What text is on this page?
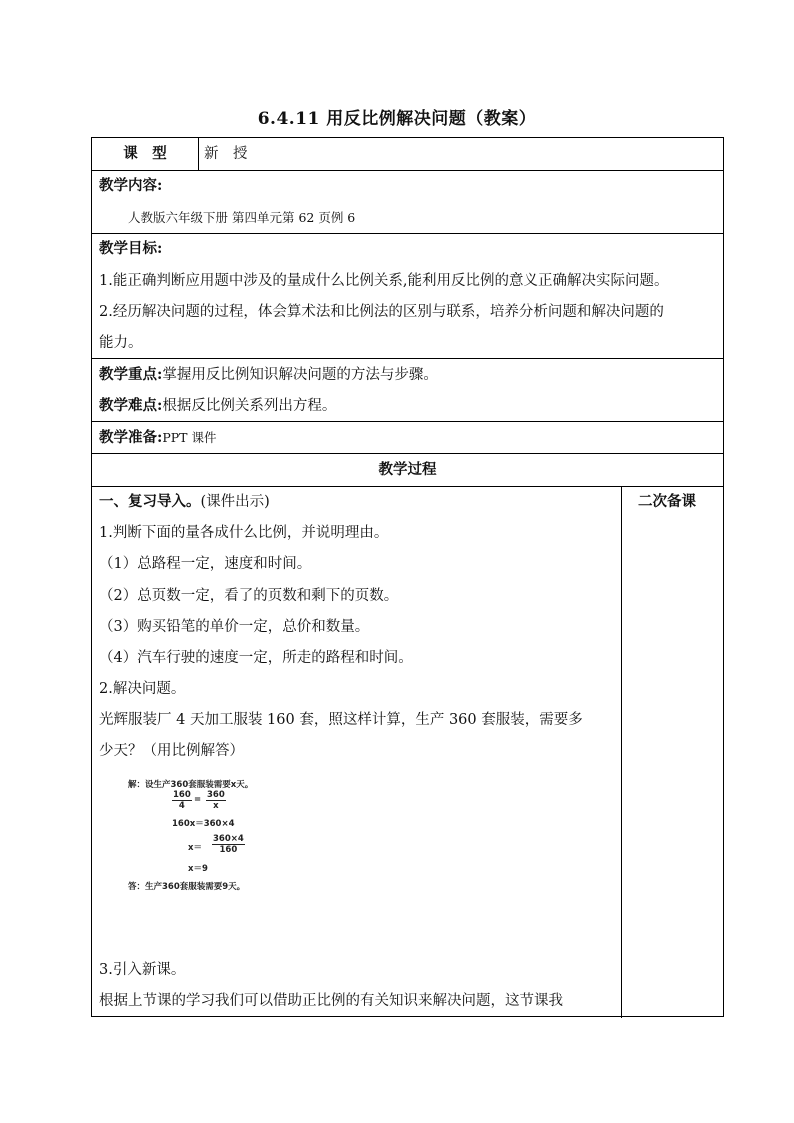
6.4.11 用反比例解决问题（教案）
课　型	新　授
教学内容:
人教版六年级下册 第四单元第 62 页例 6
教学目标:
1.能正确判断应用题中涉及的量成什么比例关系,能利用反比例的意义正确解决实际问题。
2.经历解决问题的过程，体会算术法和比例法的区别与联系，培养分析问题和解决问题的
能力。
教学重点:掌握用反比例知识解决问题的方法与步骤。
教学难点:根据反比例关系列出方程。
教学准备:PPT 课件
教学过程
一、复习导入。(课件出示)
1.判断下面的量各成什么比例，并说明理由。
（1）总路程一定，速度和时间。
（2）总页数一定，看了的页数和剩下的页数。
（3）购买铅笔的单价一定，总价和数量。
（4）汽车行驶的速度一定，所走的路程和时间。
2.解决问题。
光辉服装厂 4 天加工服装 160 套，照这样计算，生产 360 套服装，需要多
少天？（用比例解答）
解：设生产360套服装需要x天。
$\frac{160}{4} = \frac{360}{x}$
160x＝360×4
$x= \frac{360\times 4}{160}$
x＝9
答：生产360套服装需要9天。
3.引入新课。
根据上节课的学习我们可以借助正比例的有关知识来解决问题，这节课我
二次备课
